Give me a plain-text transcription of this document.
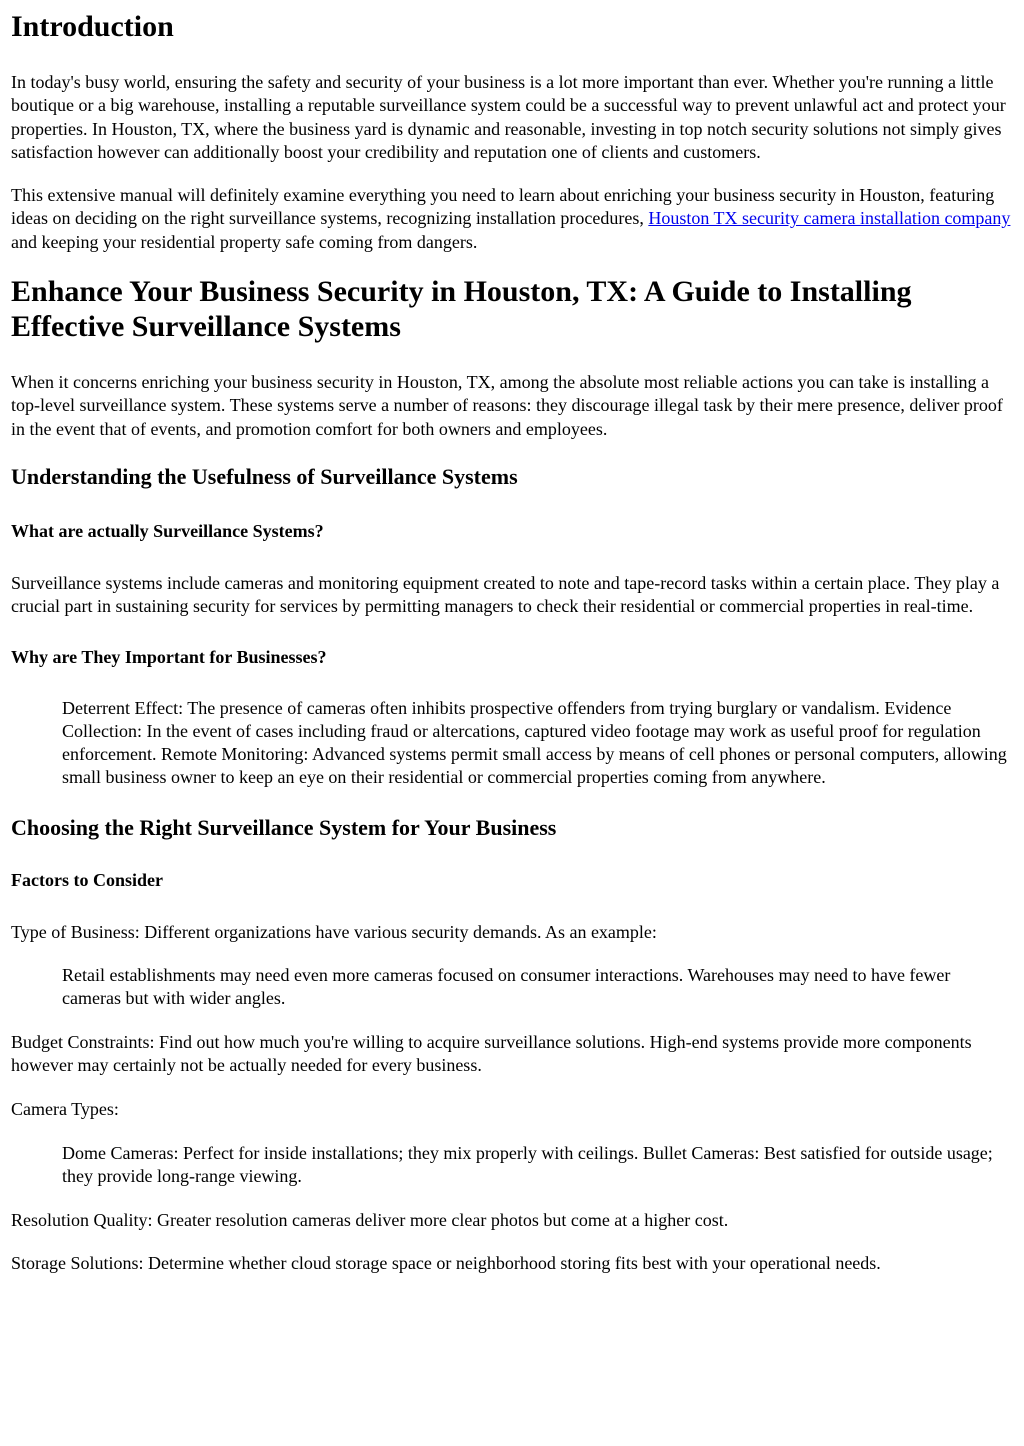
Introduction

In today's busy world, ensuring the safety and security of your business is a lot more important than ever. Whether you're running a little boutique or a big warehouse, installing a reputable surveillance system could be a successful way to prevent unlawful act and protect your properties. In Houston, TX, where the business yard is dynamic and reasonable, investing in top notch security solutions not simply gives satisfaction however can additionally boost your credibility and reputation one of clients and customers.

This extensive manual will definitely examine everything you need to learn about enriching your business security in Houston, featuring ideas on deciding on the right surveillance systems, recognizing installation procedures, Houston TX security camera installation company and keeping your residential property safe coming from dangers.

Enhance Your Business Security in Houston, TX: A Guide to Installing Effective Surveillance Systems

When it concerns enriching your business security in Houston, TX, among the absolute most reliable actions you can take is installing a top-level surveillance system. These systems serve a number of reasons: they discourage illegal task by their mere presence, deliver proof in the event that of events, and promotion comfort for both owners and employees.

Understanding the Usefulness of Surveillance Systems
What are actually Surveillance Systems?

Surveillance systems include cameras and monitoring equipment created to note and tape-record tasks within a certain place. They play a crucial part in sustaining security for services by permitting managers to check their residential or commercial properties in real-time.

Why are They Important for Businesses?

Deterrent Effect: The presence of cameras often inhibits prospective offenders from trying burglary or vandalism. Evidence Collection: In the event of cases including fraud or altercations, captured video footage may work as useful proof for regulation enforcement. Remote Monitoring: Advanced systems permit small access by means of cell phones or personal computers, allowing small business owner to keep an eye on their residential or commercial properties coming from anywhere.

Choosing the Right Surveillance System for Your Business
Factors to Consider

Type of Business: Different organizations have various security demands. As an example:

Retail establishments may need even more cameras focused on consumer interactions. Warehouses may need to have fewer cameras but with wider angles.

Budget Constraints: Find out how much you're willing to acquire surveillance solutions. High-end systems provide more components however may certainly not be actually needed for every business.

Camera Types:

Dome Cameras: Perfect for inside installations; they mix properly with ceilings. Bullet Cameras: Best satisfied for outside usage; they provide long-range viewing.

Resolution Quality: Greater resolution cameras deliver more clear photos but come at a higher cost.

Storage Solutions: Determine whether cloud storage space or neighborhood storing fits best with your operational needs.
